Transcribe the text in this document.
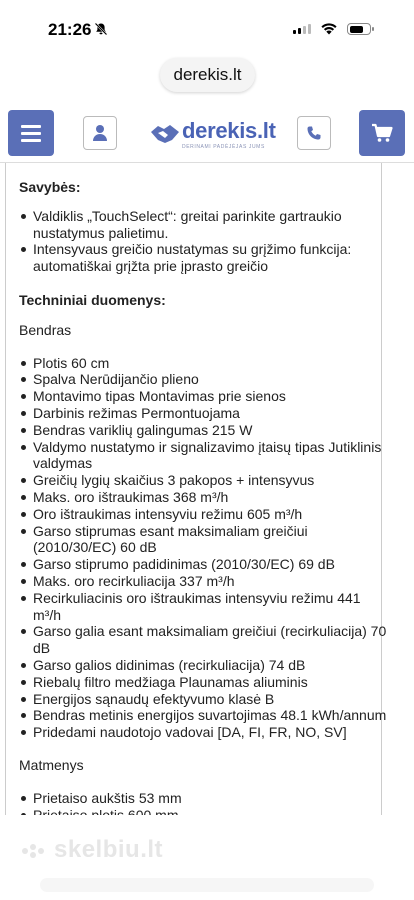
21:26
derekis.lt
derekis.lt
DERINAMI PADĖJĖJAS JUMS
Savybės:
Valdiklis „TouchSelect“: greitai parinkite gartraukio nustatymus palietimu.
Intensyvaus greičio nustatymas su grįžimo funkcija: automatiškai grįžta prie įprasto greičio
Techniniai duomenys:
Bendras
Plotis 60 cm
Spalva Nerūdijančio plieno
Montavimo tipas Montavimas prie sienos
Darbinis režimas Permontuojama
Bendras variklių galingumas 215 W
Valdymo nustatymo ir signalizavimo įtaisų tipas Jutiklinis valdymas
Greičių lygių skaičius 3 pakopos + intensyvus
Maks. oro ištraukimas 368 m³/h
Oro ištraukimas intensyviu režimu 605 m³/h
Garso stiprumas esant maksimaliam greičiui (2010/30/EC) 60 dB
Garso stiprumo padidinimas (2010/30/EC) 69 dB
Maks. oro recirkuliacija 337 m³/h
Recirkuliacinis oro ištraukimas intensyviu režimu 441 m³/h
Garso galia esant maksimaliam greičiui (recirkuliacija) 70 dB
Garso galios didinimas (recirkuliacija) 74 dB
Riebalų filtro medžiaga Plaunamas aliuminis
Energijos sąnaudų efektyvumo klasė B
Bendras metinis energijos suvartojimas 48.1 kWh/annum
Pridedami naudotojo vadovai [DA, FI, FR, NO, SV]
Matmenys
Prietaiso aukštis 53 mm
skelbiu.lt
